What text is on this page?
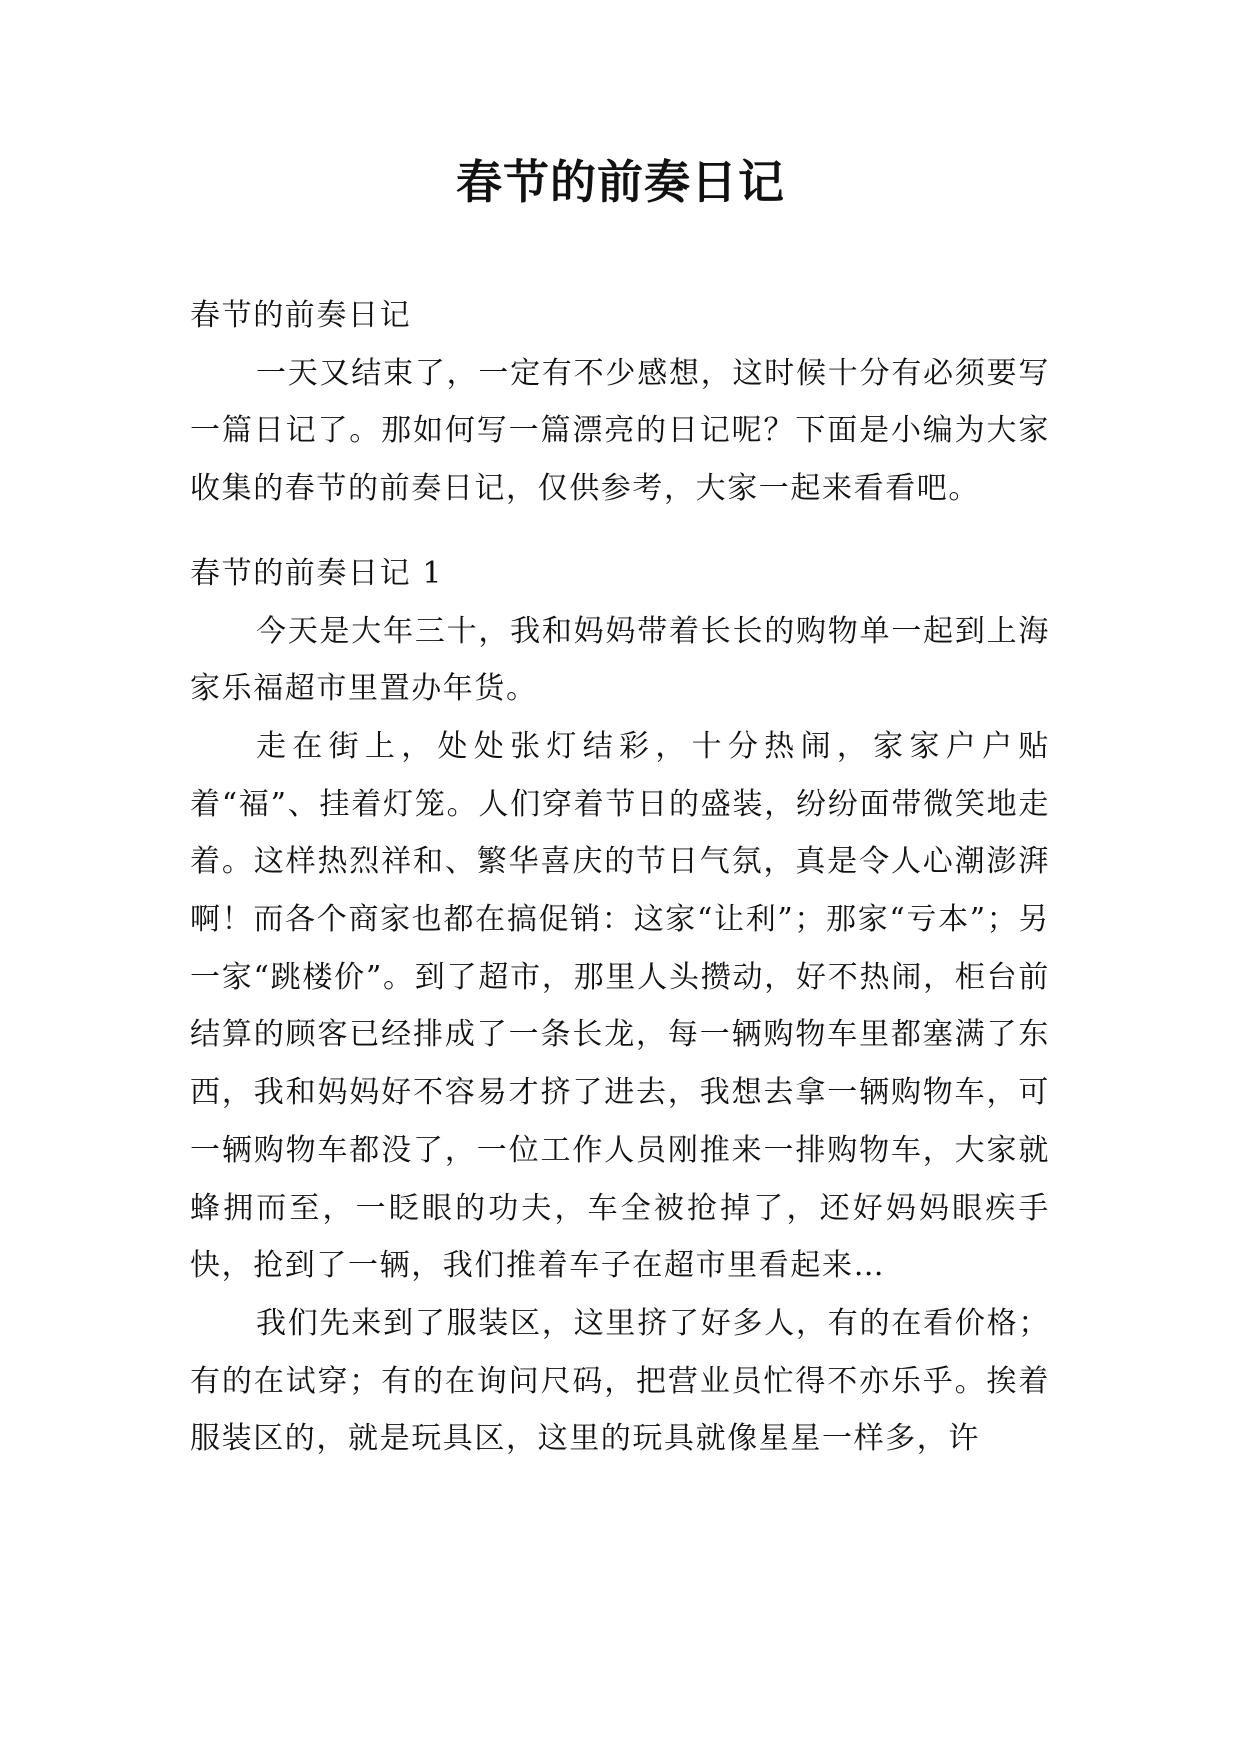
春节的前奏日记

春节的前奏日记

一天又结束了，一定有不少感想，这时候十分有必须要写一篇日记了。那如何写一篇漂亮的日记呢？下面是小编为大家收集的春节的前奏日记，仅供参考，大家一起来看看吧。

春节的前奏日记 1

今天是大年三十，我和妈妈带着长长的购物单一起到上海家乐福超市里置办年货。

走在街上，处处张灯结彩，十分热闹，家家户户贴着“福”、挂着灯笼。人们穿着节日的盛装，纷纷面带微笑地走着。这样热烈祥和、繁华喜庆的节日气氛，真是令人心潮澎湃啊！而各个商家也都在搞促销：这家“让利”；那家“亏本”；另一家“跳楼价”。到了超市，那里人头攒动，好不热闹，柜台前结算的顾客已经排成了一条长龙，每一辆购物车里都塞满了东西，我和妈妈好不容易才挤了进去，我想去拿一辆购物车，可一辆购物车都没了，一位工作人员刚推来一排购物车，大家就蜂拥而至，一眨眼的功夫，车全被抢掉了，还好妈妈眼疾手快，抢到了一辆，我们推着车子在超市里看起来…

我们先来到了服装区，这里挤了好多人，有的在看价格；有的在试穿；有的在询问尺码，把营业员忙得不亦乐乎。挨着服装区的，就是玩具区，这里的玩具就像星星一样多，许
